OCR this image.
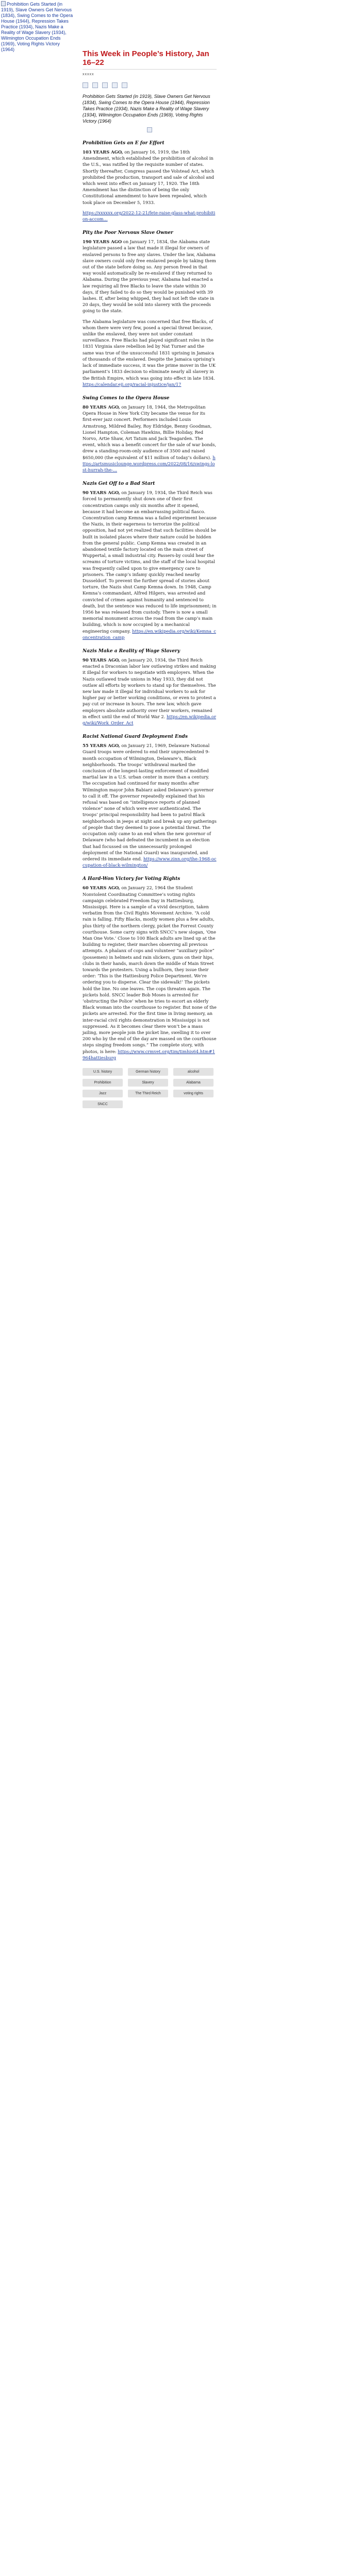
Prohibition Gets Started (in 1919), Slave Owners Get Nervous (1834), Swing Comes to the Opera House (1944), Repression Takes Practice (1934), Nazis Make a Reality of Wage Slavery (1934), Wilmington Occupation Ends (1969), Voting Rights Victory (1964)	This Week in People’s History, Jan 16–22
xxxxx
Prohibition Gets Started (in 1919), Slave Owners Get Nervous (1834), Swing Comes to the Opera House (1944), Repression Takes Practice (1934), Nazis Make a Reality of Wage Slavery (1934), Wilmington Occupation Ends (1969), Voting Rights Victory (1964)
Prohibition Gets an E for Effort

103 YEARS AGO, on January 16, 1919, the 18th Amendment, which established the prohibition of alcohol in the U.S., was ratified by the requisite number of states. Shortly thereafter, Congress passed the Volstead Act, which prohibited the production, transport and sale of alcohol and which went into effect on January 17, 1920. The 18th Amendment has the distinction of being the only Constitutional amendment to have been repealed, which took place on December 5, 1933.

https://xxxxxx.org/2022-12-21/fete-raise-glass-what-prohibition-accom...

Pity the Poor Nervous Slave Owner

190 YEARS AGO on January 17, 1834, the Alabama state legislature passed a law that made it illegal for owners of enslaved persons to free any slaves. Under the law, Alabama slave owners could only free enslaved people by taking them out of the state before doing so. Any person freed in that way would automatically be re-enslaved if they returned to Alabama. During the previous year, Alabama had enacted a law requiring all free Blacks to leave the state within 30 days, if they failed to do so they would be punished with 39 lashes. If, after being whipped, they had not left the state in 20 days, they would be sold into slavery with the proceeds going to the state.

The Alabama legislature was concerned that free Blacks, of whom there were very few, posed a special threat because, unlike the enslaved, they were not under constant surveillance. Free Blacks had played significant roles in the 1831 Virginia slave rebellion led by Nat Turner and the same was true of the unsuccessful 1831 uprising in Jamaica of thousands of the enslaved. Despite the Jamaica uprising’s lack of immediate success, it was the prime mover in the UK parliament’s 1833 decision to eliminate nearly all slavery in the British Empire, which was going into effect in late 1834. https://calendar.eji.org/racial-injustice/jan/17

Swing Comes to the Opera House

80 YEARS AGO, on January 18, 1944, the Metropolitan Opera House in New York City became the venue for its first-ever jazz concert. Performers included Louis Armstrong, Mildred Bailey, Roy Eldridge, Benny Goodman, Lionel Hampton, Coleman Hawkins, Billie Holiday, Red Norvo, Artie Shaw, Art Tatum and Jack Teagarden. The event, which was a benefit concert for the sale of war bonds, drew a standing-room-only audience of 3500 and raised $650,000 (the equivalent of $11 million of today’s dollars). https://artsmusiclounge.wordpress.com/2022/08/16/swings-lost-hurrah-the-...

Nazis Get Off to a Bad Start

90 YEARS AGO, on January 19, 1934, the Third Reich was forced to permanently shut down one of their first concentration camps only six months after it opened, because it had become an embarrassing political fiasco. Concentration camp Kemna was a failed experiment because the Nazis, in their eagerness to terrorize the political opposition, had not yet realized that such facilities should be built in isolated places where their nature could be hidden from the general public. Camp Kemna was created in an abandoned textile factory located on the main street of Wuppertal, a small industrial city. Passers-by could hear the screams of torture victims, and the staff of the local hospital was frequently called upon to give emergency care to prisoners. The camp’s infamy quickly reached nearby Dusseldorf. To prevent the further spread of stories about torture, the Nazis shut Camp Kemna down. In 1948, Camp Kemna’s commandant, Alfred Hilgers, was arrested and convicted of crimes against humanity and sentenced to death, but the sentence was reduced to life imprisonment; in 1956 he was released from custody. There is now a small memorial monument across the road from the camp’s main building, which is now occupied by a mechanical engineering company. https://en.wikipedia.org/wiki/Kemna_concentration_camp

Nazis Make a Reality of Wage Slavery

90 YEARS AGO, on January 20, 1934, the Third Reich enacted a Draconian labor law outlawing strikes and making it illegal for workers to negotiate with employers. When the Nazis outlawed trade unions in May 1933, they did not outlaw all efforts by workers to stand up for themselves. The new law made it illegal for individual workers to ask for higher pay or better working conditions, or even to protest a pay cut or increase in hours. The new law, which gave employers absolute authority over their workers, remained in effect until the end of World War 2. https://en.wikipedia.org/wiki/Work_Order_Act

Racist National Guard Deployment Ends

55 YEARS AGO, on January 21, 1969, Delaware National Guard troops were ordered to end their unprecedented 9-month occupation of Wilmington, Delaware’s, Black neighborhoods. The troops’ withdrawal marked the conclusion of the longest-lasting enforcement of modified martial law in a U.S. urban center in more than a century. The occupation had continued for many months after Wilmington mayor John Babiarz asked Delaware’s governor to call it off. The governor repeatedly explained that his refusal was based on “intelligence reports of planned violence” none of which were ever authenticated. The troops’ principal responsibility had been to patrol Black neighborhoods in jeeps at night and break up any gatherings of people that they deemed to pose a potential threat. The occupation only came to an end when the new governor of Delaware (who had defeated the incumbent in an election that had focussed on the unnecessarily prolonged deployment of the National Guard) was inaugurated, and ordered its immediate end. https://www.zinn.org/the-1968-occupation-of-black-wilmington/

A Hard-Won Victory for Voting Rights

60 YEARS AGO, on January 22, 1964 the Student Nonviolent Coordinating Committee’s voting rights campaign celebrated Freedom Day in Hattiesburg, Mississippi. Here is a sample of a vivid description, taken verbatim from the Civil Rights Movement Archive. “A cold rain is falling. Fifty Blacks, mostly women plus a few adults, plus thirty of the northern clergy, picket the Forrest County courthouse. Some carry signs with SNCC’s new slogan, ‘One Man One Vote.’ Close to 100 Black adults are lined up at the building to register, their marches observing all previous attempts. A phalanx of cops and volunteer “auxiliary police” (possemen) in helmets and rain slickers, guns on their hips, clubs in their hands, march down the middle of Main Street towards the protesters. Using a bullhorn, they issue their order: ‘This is the Hattiesburg Police Department. We’re ordering you to disperse. Clear the sidewalk!’ The pickets hold the line. No one leaves. The cops threaten again. The pickets hold. SNCC leader Bob Moses is arrested for ‘obstructing the Police’ when he tries to escort an elderly Black woman into the courthouse to register. But none of the pickets are arrested. For the first time in living memory, an inter-racial civil rights demonstration in Mississippi is not suppressed. As it becomes clear there won’t be a mass jailing, more people join the picket line, swelling it to over 200 who by the end of the day are massed on the courthouse steps singing freedom songs.” The complete story, with photos, is here: https://www.crmvet.org/tim/timhis64.htm#1964hattiesburg

U.S. history	German history	alcohol
Prohibition	Slavery	Alabama
Jazz	The Third Reich	voting rights
SNCC
